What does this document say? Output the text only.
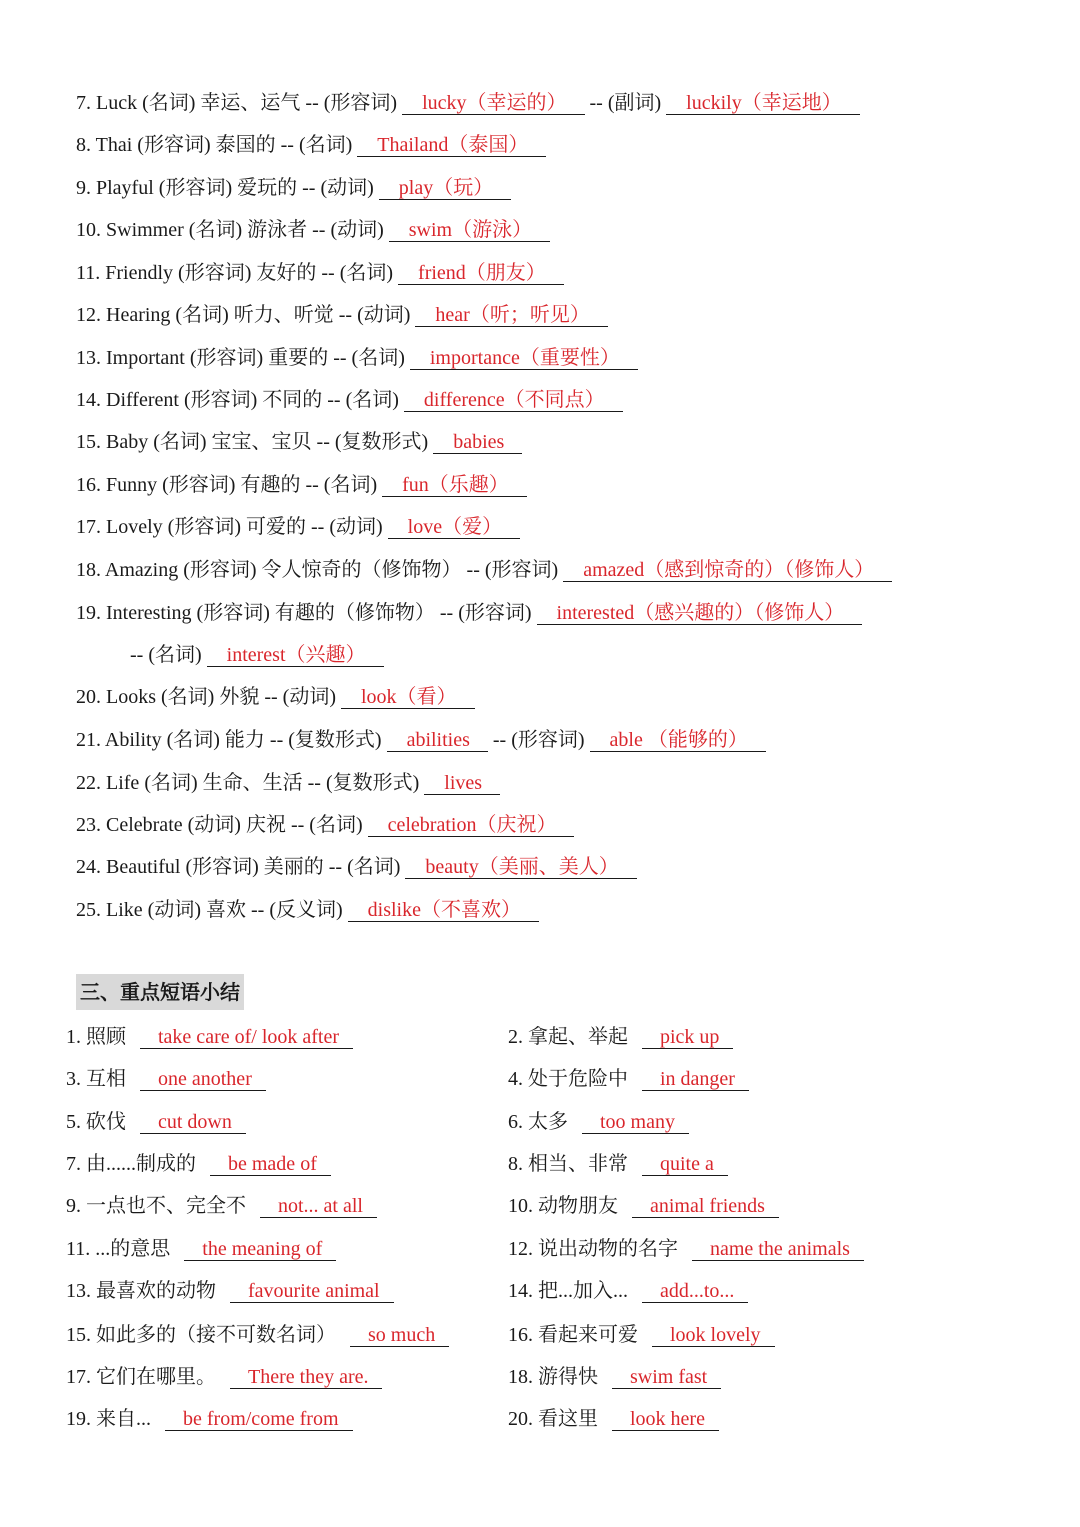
7. Luck (名词) 幸运、运气 -- (形容词) lucky（幸运的） -- (副词) luckily（幸运地）
8. Thai (形容词) 泰国的 -- (名词) Thailand（泰国）
9. Playful (形容词) 爱玩的 -- (动词) play（玩）
10. Swimmer (名词) 游泳者 -- (动词) swim（游泳）
11. Friendly (形容词) 友好的 -- (名词) friend（朋友）
12. Hearing (名词) 听力、听觉 -- (动词) hear（听；听见）
13. Important (形容词) 重要的 -- (名词) importance（重要性）
14. Different (形容词) 不同的 -- (名词) difference（不同点）
15. Baby (名词) 宝宝、宝贝 -- (复数形式) babies
16. Funny (形容词) 有趣的 -- (名词) fun（乐趣）
17. Lovely (形容词) 可爱的 -- (动词) love（爱）
18. Amazing (形容词) 令人惊奇的（修饰物） -- (形容词) amazed（感到惊奇的）（修饰人）
19. Interesting (形容词) 有趣的（修饰物） -- (形容词) interested（感兴趣的）（修饰人）
-- (名词) interest（兴趣）
20. Looks (名词) 外貌 -- (动词) look（看）
21. Ability (名词) 能力 -- (复数形式) abilities -- (形容词) able （能够的）
22. Life (名词) 生命、生活 -- (复数形式) lives
23. Celebrate (动词) 庆祝 -- (名词) celebration（庆祝）
24. Beautiful (形容词) 美丽的 -- (名词) beauty（美丽、美人）
25. Like (动词) 喜欢 -- (反义词) dislike（不喜欢）
三、重点短语小结
1. 照顾 take care of/ look after	2. 拿起、举起 pick up
3. 互相 one another	4. 处于危险中 in danger
5. 砍伐 cut down	6. 太多 too many
7. 由......制成的 be made of	8. 相当、非常 quite a
9. 一点也不、完全不 not... at all	10. 动物朋友 animal friends
11. ...的意思 the meaning of	12. 说出动物的名字 name the animals
13. 最喜欢的动物 favourite animal	14. 把...加入... add...to...
15. 如此多的（接不可数名词） so much	16. 看起来可爱 look lovely
17. 它们在哪里。 There they are.	18. 游得快 swim fast
19. 来自... be from/come from	20. 看这里 look here
